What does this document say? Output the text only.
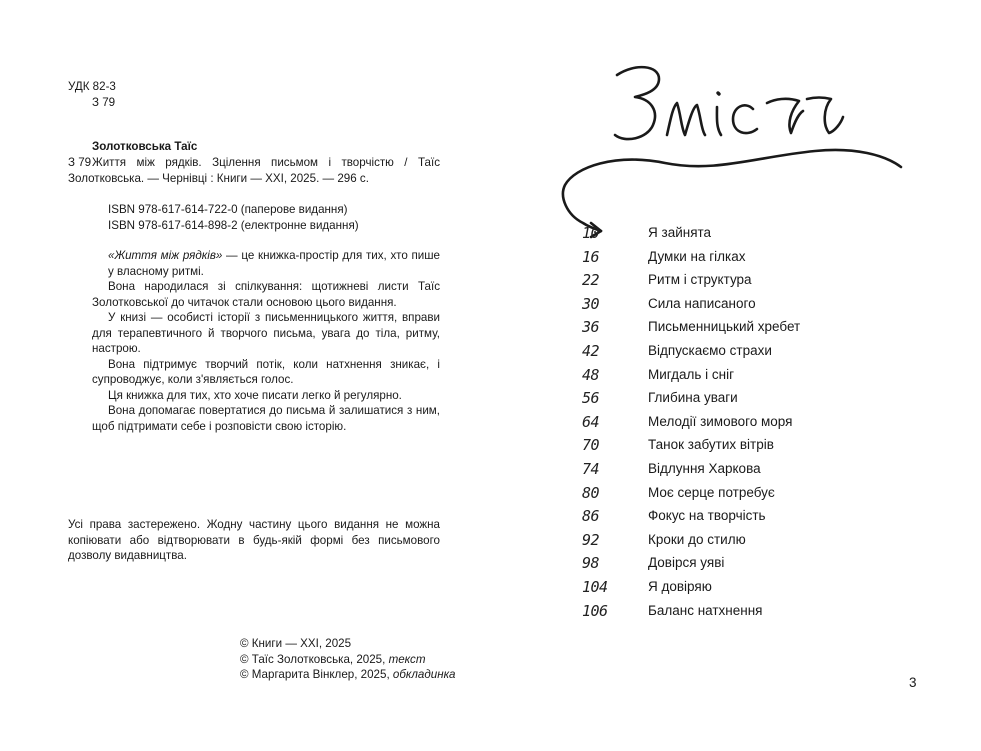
УДК 82-3
З 79
Золотковська Таїс
З 79Життя між рядків. Зцілення письмом і творчістю / Таїс Золотковська. — Чернівці : Книги — XXI, 2025. — 296 с.
ISBN 978-617-614-722-0 (паперове видання)
ISBN 978-617-614-898-2 (електронне видання)

«Життя між рядків» — це книжка-простір для тих, хто пише у власному ритмі.

Вона народилася зі спілкування: щотижневі листи Таїс Золотковської до читачок стали основою цього видання.

У книзі — особисті історії з письменницького життя, вправи для терапевтичного й творчого письма, увага до тіла, ритму, настрою.

Вона підтримує творчий потік, коли натхнення зникає, і супроводжує, коли з'являється голос.

Ця книжка для тих, хто хоче писати легко й регулярно.

Вона допомагає повертатися до письма й залишатися з ним, щоб підтримати себе і розповісти свою історію.

Усі права застережено. Жодну частину цього видання не можна копіювати або відтворювати в будь-якій формі без письмового дозволу видавництва.
© Книги — XXI, 2025
© Таїс Золотковська, 2025, текст
© Маргарита Вінклер, 2025, обкладинка
10	Я зайнята
16	Думки на гілках
22	Ритм і структура
30	Сила написаного
36	Письменницький хребет
42	Відпускаємо страхи
48	Мигдаль і сніг
56	Глибина уваги
64	Мелодії зимового моря
70	Танок забутих вітрів
74	Відлуння Харкова
80	Моє серце потребує
86	Фокус на творчість
92	Кроки до стилю
98	Довірся уяві
104	Я довіряю
106	Баланс натхнення
3
